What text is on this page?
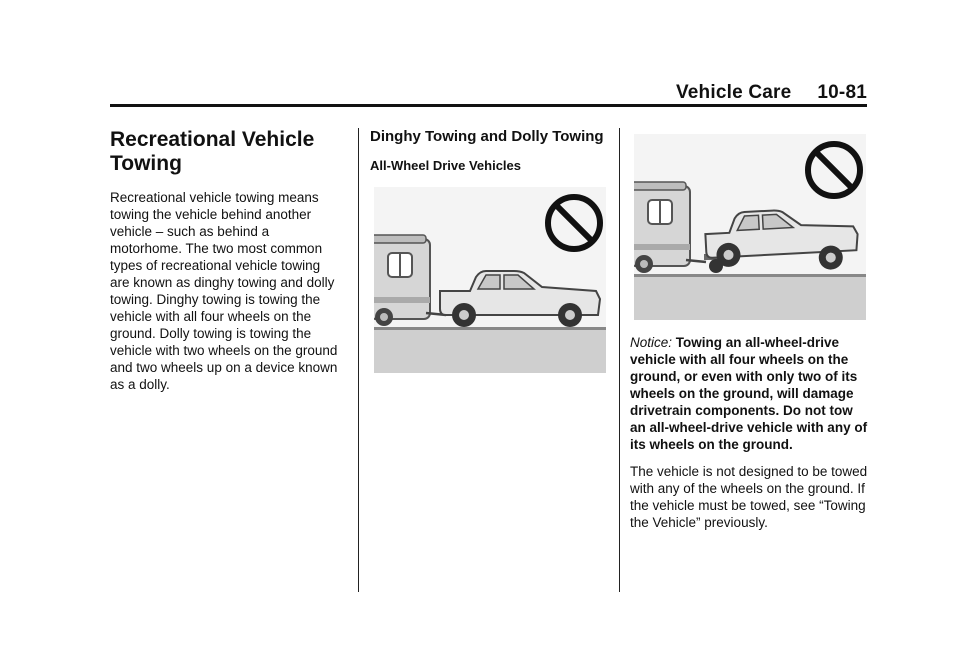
Vehicle Care 10-81
Recreational Vehicle Towing

Recreational vehicle towing means towing the vehicle behind another vehicle – such as behind a motorhome. The two most common types of recreational vehicle towing are known as dinghy towing and dolly towing. Dinghy towing is towing the vehicle with all four wheels on the ground. Dolly towing is towing the vehicle with two wheels on the ground and two wheels up on a device known as a dolly.

Dinghy Towing and Dolly Towing
All-Wheel Drive Vehicles

Notice: Towing an all-wheel-drive vehicle with all four wheels on the ground, or even with only two of its wheels on the ground, will damage drivetrain components. Do not tow an all-wheel-drive vehicle with any of its wheels on the ground.

The vehicle is not designed to be towed with any of the wheels on the ground. If the vehicle must be towed, see “Towing the Vehicle” previously.
